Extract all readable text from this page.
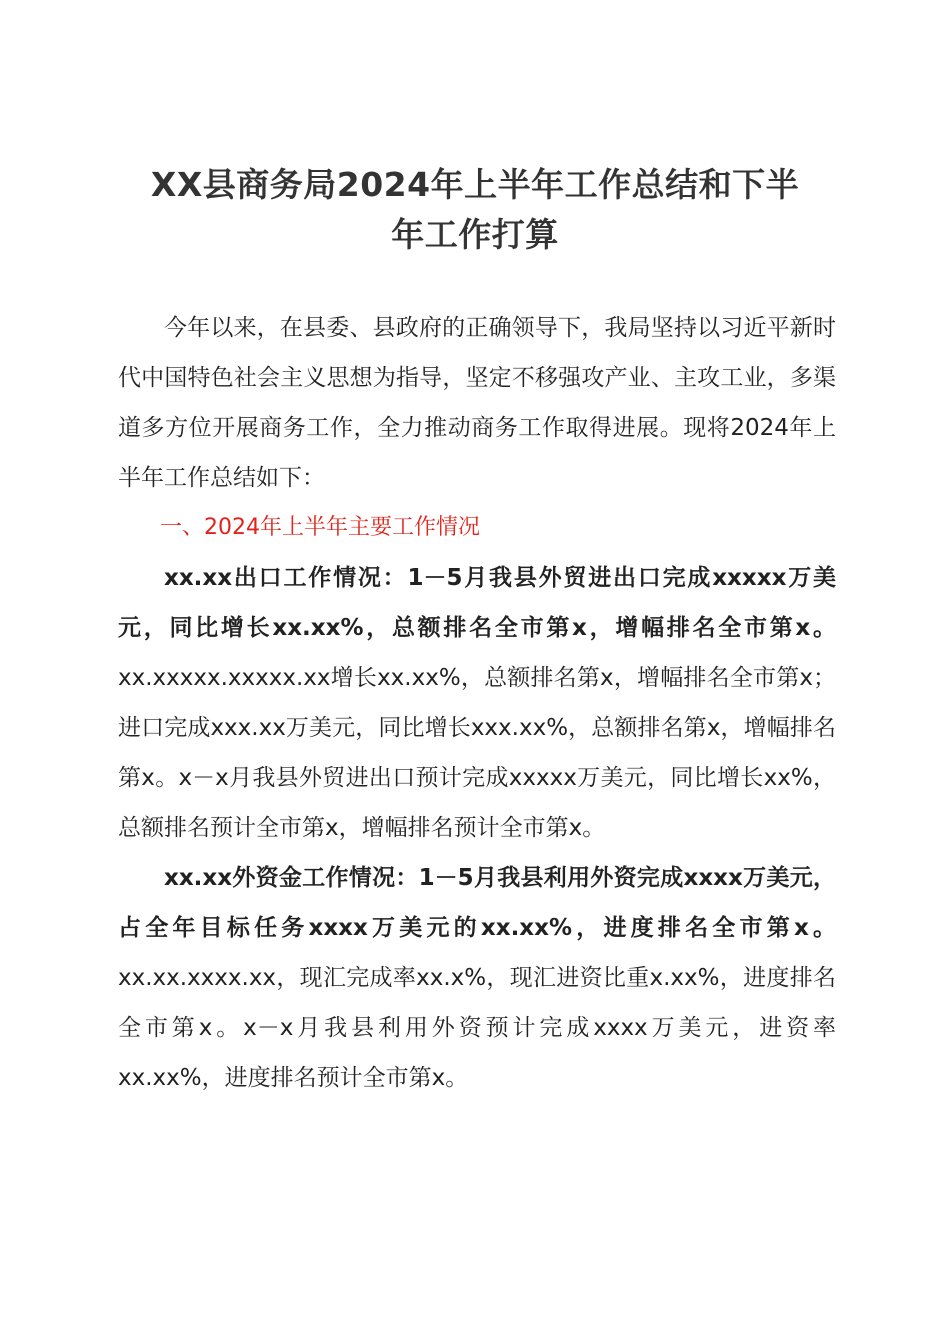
XX县商务局2024年上半年工作总结和下半
年工作打算

今年以来，在县委、县政府的正确领导下，我局坚持以习近平新时代中国特色社会主义思想为指导，坚定不移强攻产业、主攻工业，多渠道多方位开展商务工作，全力推动商务工作取得进展。现将2024年上半年工作总结如下：

一、2024年上半年主要工作情况

xx.xx出口工作情况：1－5月我县外贸进出口完成xxxxx万美元，同比增长xx.xx%，总额排名全市第x，增幅排名全市第x。xx.xxxxx.xxxxx.xx增长xx.xx%，总额排名第x，增幅排名全市第x；进口完成xxx.xx万美元，同比增长xxx.xx%，总额排名第x，增幅排名第x。x－x月我县外贸进出口预计完成xxxxx万美元，同比增长xx%，总额排名预计全市第x，增幅排名预计全市第x。

xx.xx外资金工作情况：1－5月我县利用外资完成xxxx万美元，占全年目标任务xxxx万美元的xx.xx%，进度排名全市第x。xx.xx.xxxx.xx，现汇完成率xx.x%，现汇进资比重x.xx%，进度排名全市第x。x－x月我县利用外资预计完成xxxx万美元，进资率xx.xx%，进度排名预计全市第x。
